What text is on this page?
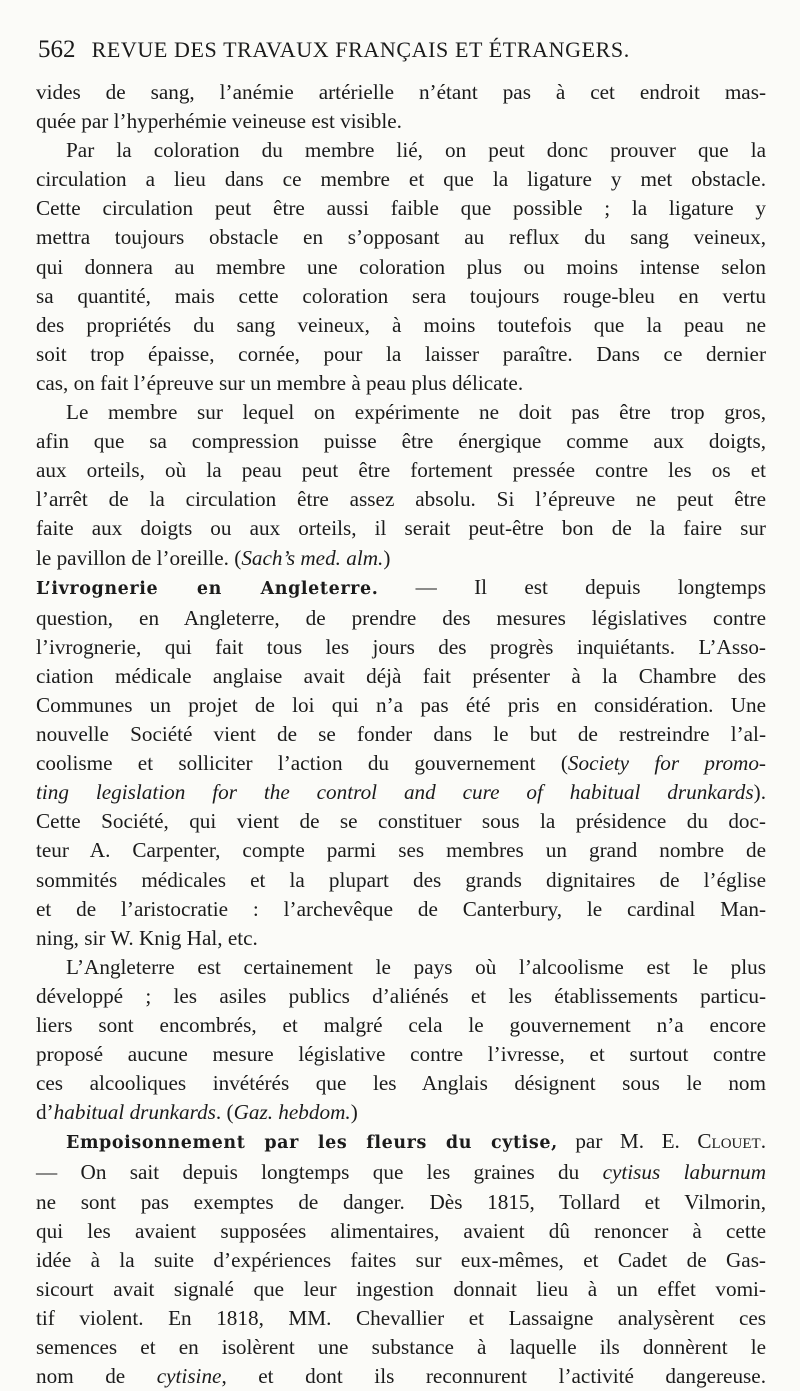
562 REVUE DES TRAVAUX FRANÇAIS ET ÉTRANGERS.

vides de sang, l’anémie artérielle n’étant pas à cet endroit mas-
quée par l’hyperhémie veineuse est visible.

Par la coloration du membre lié, on peut donc prouver que la
circulation a lieu dans ce membre et que la ligature y met obstacle.
Cette circulation peut être aussi faible que possible ; la ligature y
mettra toujours obstacle en s’opposant au reflux du sang veineux,
qui donnera au membre une coloration plus ou moins intense selon
sa quantité, mais cette coloration sera toujours rouge-bleu en vertu
des propriétés du sang veineux, à moins toutefois que la peau ne
soit trop épaisse, cornée, pour la laisser paraître. Dans ce dernier
cas, on fait l’épreuve sur un membre à peau plus délicate.

Le membre sur lequel on expérimente ne doit pas être trop gros,
afin que sa compression puisse être énergique comme aux doigts,
aux orteils, où la peau peut être fortement pressée contre les os et
l’arrêt de la circulation être assez absolu. Si l’épreuve ne peut être
faite aux doigts ou aux orteils, il serait peut-être bon de la faire sur
le pavillon de l’oreille. (Sach’s med. alm.)

L’ivrognerie en Angleterre. — Il est depuis longtemps
question, en Angleterre, de prendre des mesures législatives contre
l’ivrognerie, qui fait tous les jours des progrès inquiétants. L’Asso-
ciation médicale anglaise avait déjà fait présenter à la Chambre des
Communes un projet de loi qui n’a pas été pris en considération. Une
nouvelle Société vient de se fonder dans le but de restreindre l’al-
coolisme et solliciter l’action du gouvernement (Society for promo-
ting legislation for the control and cure of habitual drunkards).
Cette Société, qui vient de se constituer sous la présidence du doc-
teur A. Carpenter, compte parmi ses membres un grand nombre de
sommités médicales et la plupart des grands dignitaires de l’église
et de l’aristocratie : l’archevêque de Canterbury, le cardinal Man-
ning, sir W. Knig Hal, etc.

L’Angleterre est certainement le pays où l’alcoolisme est le plus
développé ; les asiles publics d’aliénés et les établissements particu-
liers sont encombrés, et malgré cela le gouvernement n’a encore
proposé aucune mesure législative contre l’ivresse, et surtout contre
ces alcooliques invétérés que les Anglais désignent sous le nom
d’habitual drunkards. (Gaz. hebdom.)

Empoisonnement par les fleurs du cytise, par M. E. Clouet.
— On sait depuis longtemps que les graines du cytisus laburnum
ne sont pas exemptes de danger. Dès 1815, Tollard et Vilmorin,
qui les avaient supposées alimentaires, avaient dû renoncer à cette
idée à la suite d’expériences faites sur eux-mêmes, et Cadet de Gas-
sicourt avait signalé que leur ingestion donnait lieu à un effet vomi-
tif violent. En 1818, MM. Chevallier et Lassaigne analysèrent ces
semences et en isolèrent une substance à laquelle ils donnèrent le
nom de cytisine, et dont ils reconnurent l’activité dangereuse.
